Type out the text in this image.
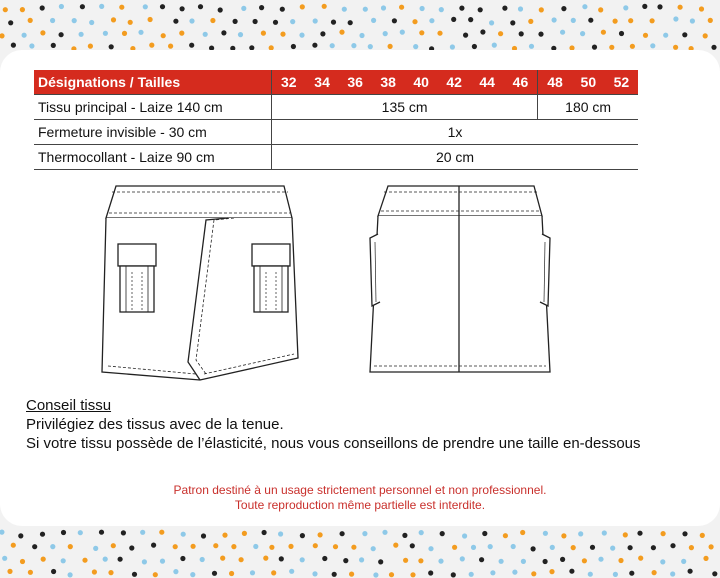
Désignations / Tailles	32	34	36	38	40	42	44	46	48	50	52
Tissu principal - Laize 140 cm	135 cm								180 cm		
Fermeture invisible - 30 cm	1x										
Thermocollant - Laize 90 cm	20 cm										
Conseil tissu
Privilégiez des tissus avec de la tenue.
Si votre tissu possède de l’élasticité, nous vous conseillons de prendre une taille en-dessous
Patron destiné à un usage strictement personnel et non professionnel.
Toute reproduction même partielle est interdite.
